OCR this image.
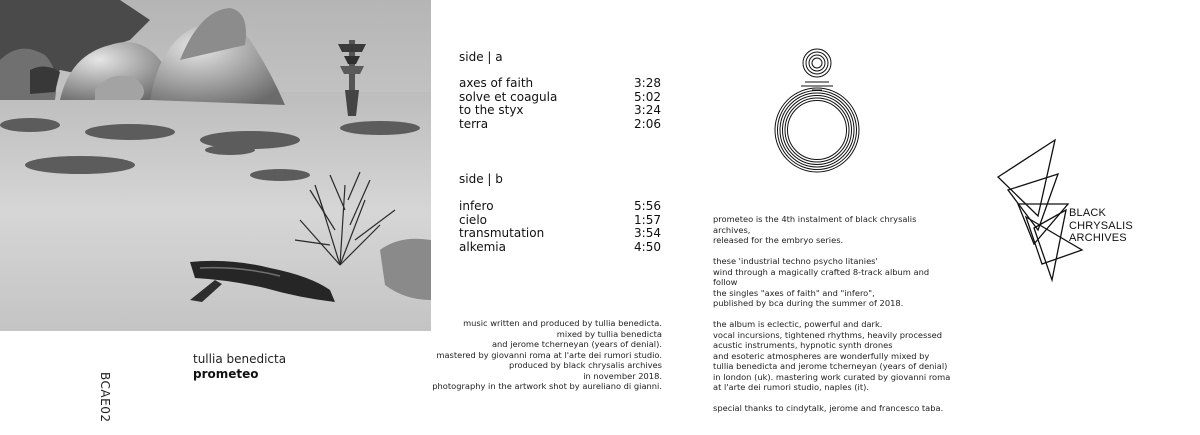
BCAE02
tullia benedicta
prometeo
side | a
axes of faith	3:28
solve et coagula	5:02
to the styx	3:24
terra	2:06
side | b
infero	5:56
cielo	1:57
transmutation	3:54
alkemia	4:50
music written and produced by tullia benedicta.
mixed by tullia benedicta
and jerome tcherneyan (years of denial).
mastered by giovanni roma at l'arte dei rumori studio.
produced by black chrysalis archives
in november 2018.
photography in the artwork shot by aureliano di gianni.

prometeo is the 4th instalment of black chrysalis archives,
released for the embryo series.

these 'industrial techno psycho litanies'
wind through a magically crafted 8-track album and follow
the singles "axes of faith" and "infero",
published by bca during the summer of 2018.

the album is eclectic, powerful and dark.
vocal incursions, tightened rhythms, heavily processed
acustic instruments, hypnotic synth drones
and esoteric atmospheres are wonderfully mixed by
tullia benedicta and jerome tcherneyan (years of denial)
in london (uk). mastering work curated by giovanni roma
at l'arte dei rumori studio, naples (it).

special thanks to cindytalk, jerome and francesco taba.

BLACK
CHRYSALIS
ARCHIVES
